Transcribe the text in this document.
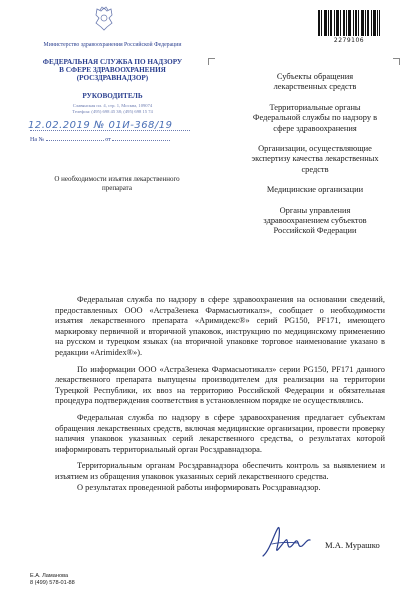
Министерство здравоохранения Российской Федерации
ФЕДЕРАЛЬНАЯ СЛУЖБА ПО НАДЗОРУ
В СФЕРЕ ЗДРАВООХРАНЕНИЯ
(РОСЗДРАВНАДЗОР)
РУКОВОДИТЕЛЬ
Славянская пл. 4, стр. 1, Москва, 109074
Телефон: (495) 698 45 38; (495) 698 15 74
12.02.2019 № 01И-368/19
На №	от
О необходимости изъятия лекарственного препарата
2279106

Субъекты обращения лекарственных средств

Территориальные органы Федеральной службы по надзору в сфере здравоохранения

Организации, осуществляющие экспертизу качества лекарственных средств

Медицинские организации

Органы управления здравоохранением субъектов Российской Федерации

Федеральная служба по надзору в сфере здравоохранения на основании сведений, предоставленных ООО «АстраЗенека Фармасьютикалз», сообщает о необходимости изъятия лекарственного препарата «Аримидекс®» серий PG150, PF171, имеющего маркировку первичной и вторичной упаковок, инструкцию по медицинскому применению на русском и турецком языках (на вторичной упаковке торговое наименование указано в редакции «Arimidex®»).

По информации ООО «АстраЗенека Фармасьютикалз» серии PG150, PF171 данного лекарственного препарата выпущены производителем для реализации на территории Турецкой Республики, их ввоз на территорию Российской Федерации и обязательная процедура подтверждения соответствия в установленном порядке не осуществлялись.

Федеральная служба по надзору в сфере здравоохранения предлагает субъектам обращения лекарственных средств, включая медицинские организации, провести проверку наличия упаковок указанных серий лекарственного средства, о результатах которой информировать территориальный орган Росздравнадзора.

Территориальным органам Росздравнадзора обеспечить контроль за выявлением и изъятием из обращения упаковок указанных серий лекарственного средства.

О результатах проведенной работы информировать Росздравнадзор.

М.А. Мурашко
Е.А. Ламанова
8 (499) 578-01-88
